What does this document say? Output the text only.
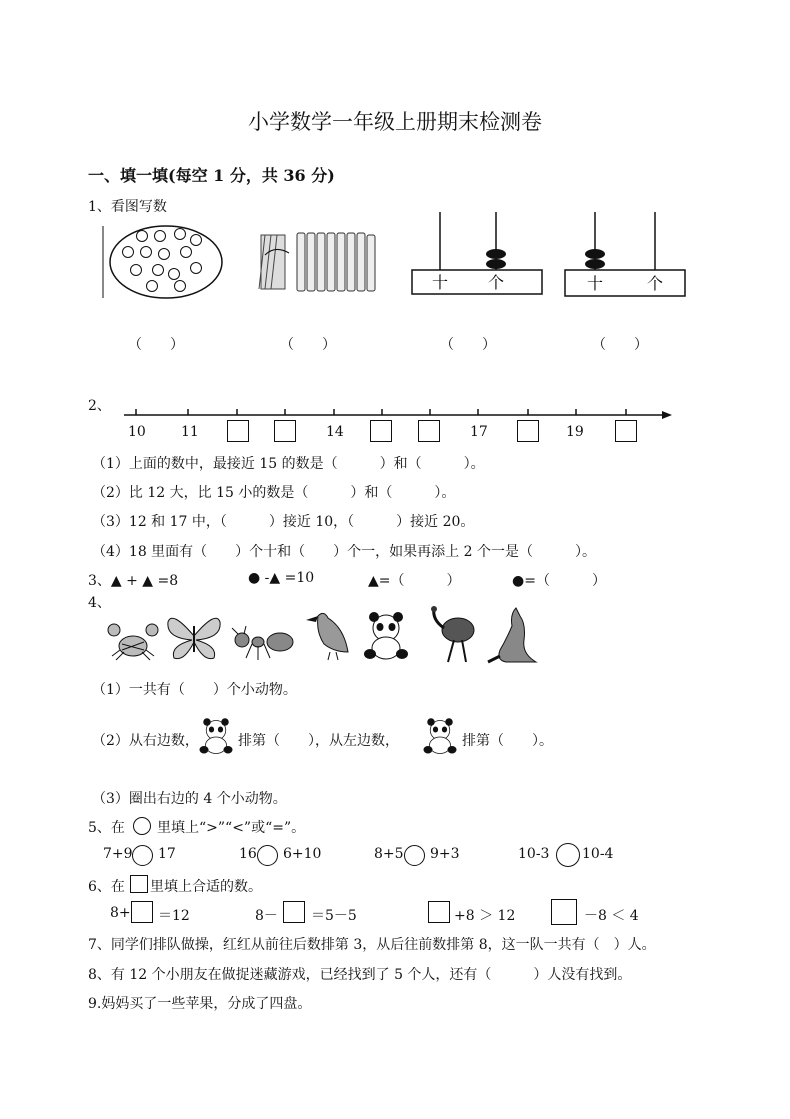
小学数学一年级上册期末检测卷
一、填一填(每空 1 分，共 36 分)
1、看图写数
十 个	十	个
（　　）	（　　）	（　　）	（　　）
2、
10	11	14	17	19
（1）上面的数中，最接近 15 的数是（　　　）和（　　　）。
（2）比 12 大，比 15 小的数是（　　　）和（　　　）。
（3）12 和 17 中，（　　　）接近 10，（　　　）接近 20。
（4）18 里面有（　　）个十和（　　）个一，如果再添上 2 个一是（　　　）。
3、▲ + ▲ =8	● -▲ =10	▲=（　　　）	●=（　　　）
4、
（1）一共有（　　）个小动物。
（2）从右边数，	排第（　　），从左边数，	排第（　　）。
（3）圈出右边的 4 个小动物。
5、在 里填上“>”“<”或“=”。
7+9 17	16 6+10	8+5 9+3	10-3 10-4
6、在 里填上合适的数。
8+ ＝12	8－ ＝5－5	+8 ＞ 12	－8 ＜ 4
7、同学们排队做操，红红从前往后数排第 3，从后往前数排第 8，这一队一共有（　）人。
8、有 12 个小朋友在做捉迷藏游戏，已经找到了 5 个人，还有（　　　）人没有找到。
9.妈妈买了一些苹果，分成了四盘。
